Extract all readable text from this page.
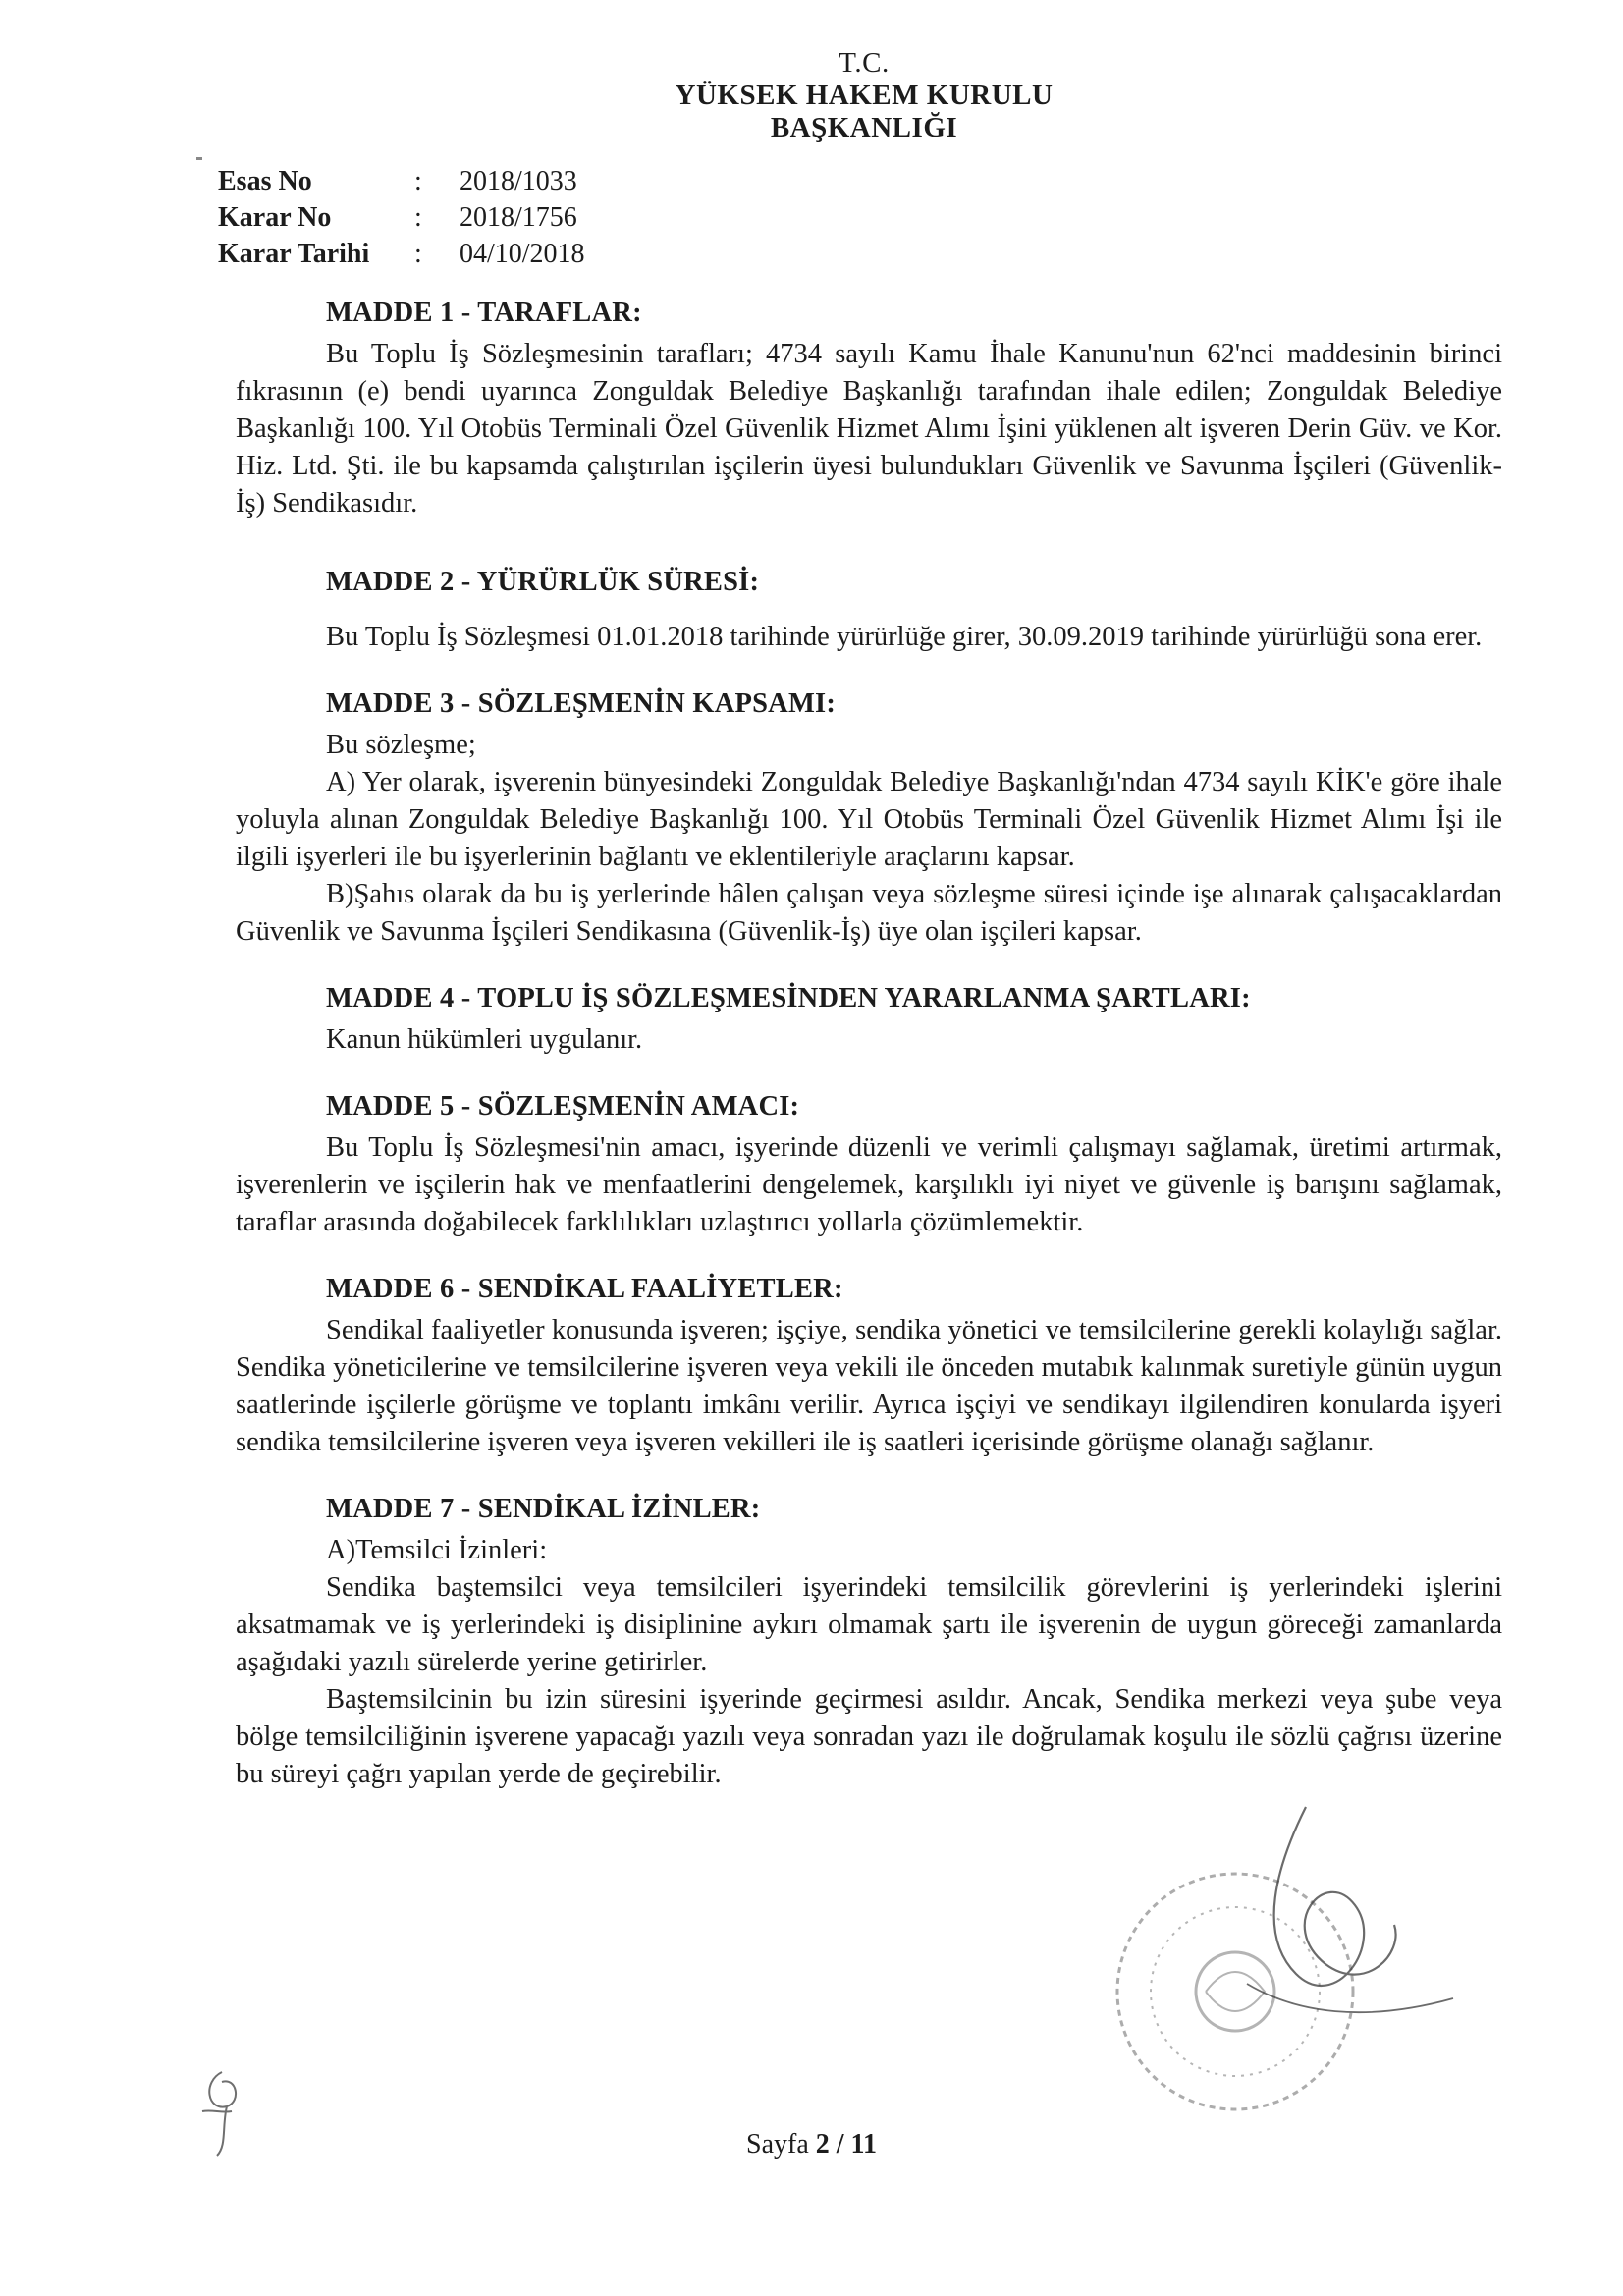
T.C.
YÜKSEK HAKEM KURULU
BAŞKANLIĞI
Esas No	:	2018/1033
Karar No	:	2018/1756
Karar Tarihi	:	04/10/2018
MADDE 1 - TARAFLAR:
Bu Toplu İş Sözleşmesinin tarafları; 4734 sayılı Kamu İhale Kanunu'nun 62'nci maddesinin birinci fıkrasının (e) bendi uyarınca Zonguldak Belediye Başkanlığı tarafından ihale edilen; Zonguldak Belediye Başkanlığı 100. Yıl Otobüs Terminali Özel Güvenlik Hizmet Alımı İşini yüklenen alt işveren Derin Güv. ve Kor. Hiz. Ltd. Şti. ile bu kapsamda çalıştırılan işçilerin üyesi bulundukları Güvenlik ve Savunma İşçileri (Güvenlik-İş) Sendikasıdır.
MADDE 2 - YÜRÜRLÜK SÜRESİ:
Bu Toplu İş Sözleşmesi 01.01.2018 tarihinde yürürlüğe girer, 30.09.2019 tarihinde yürürlüğü sona erer.
MADDE 3 - SÖZLEŞMENİN KAPSAMI:
Bu sözleşme;
A) Yer olarak, işverenin bünyesindeki Zonguldak Belediye Başkanlığı'ndan 4734 sayılı KİK'e göre ihale yoluyla alınan Zonguldak Belediye Başkanlığı 100. Yıl Otobüs Terminali Özel Güvenlik Hizmet Alımı İşi ile ilgili işyerleri ile bu işyerlerinin bağlantı ve eklentileriyle araçlarını kapsar.
B)Şahıs olarak da bu iş yerlerinde hâlen çalışan veya sözleşme süresi içinde işe alınarak çalışacaklardan Güvenlik ve Savunma İşçileri Sendikasına (Güvenlik-İş) üye olan işçileri kapsar.
MADDE 4 - TOPLU İŞ SÖZLEŞMESİNDEN YARARLANMA ŞARTLARI:
Kanun hükümleri uygulanır.
MADDE 5 - SÖZLEŞMENİN AMACI:
Bu Toplu İş Sözleşmesi'nin amacı, işyerinde düzenli ve verimli çalışmayı sağlamak, üretimi artırmak, işverenlerin ve işçilerin hak ve menfaatlerini dengelemek, karşılıklı iyi niyet ve güvenle iş barışını sağlamak, taraflar arasında doğabilecek farklılıkları uzlaştırıcı yollarla çözümlemektir.
MADDE 6 - SENDİKAL FAALİYETLER:
Sendikal faaliyetler konusunda işveren; işçiye, sendika yönetici ve temsilcilerine gerekli kolaylığı sağlar. Sendika yöneticilerine ve temsilcilerine işveren veya vekili ile önceden mutabık kalınmak suretiyle günün uygun saatlerinde işçilerle görüşme ve toplantı imkânı verilir. Ayrıca işçiyi ve sendikayı ilgilendiren konularda işyeri sendika temsilcilerine işveren veya işveren vekilleri ile iş saatleri içerisinde görüşme olanağı sağlanır.
MADDE 7 - SENDİKAL İZİNLER:
A)Temsilci İzinleri:
Sendika baştemsilci veya temsilcileri işyerindeki temsilcilik görevlerini iş yerlerindeki işlerini aksatmamak ve iş yerlerindeki iş disiplinine aykırı olmamak şartı ile işverenin de uygun göreceği zamanlarda aşağıdaki yazılı sürelerde yerine getirirler.
Baştemsilcinin bu izin süresini işyerinde geçirmesi asıldır. Ancak, Sendika merkezi veya şube veya bölge temsilciliğinin işverene yapacağı yazılı veya sonradan yazı ile doğrulamak koşulu ile sözlü çağrısı üzerine bu süreyi çağrı yapılan yerde de geçirebilir.
Sayfa 2 / 11
